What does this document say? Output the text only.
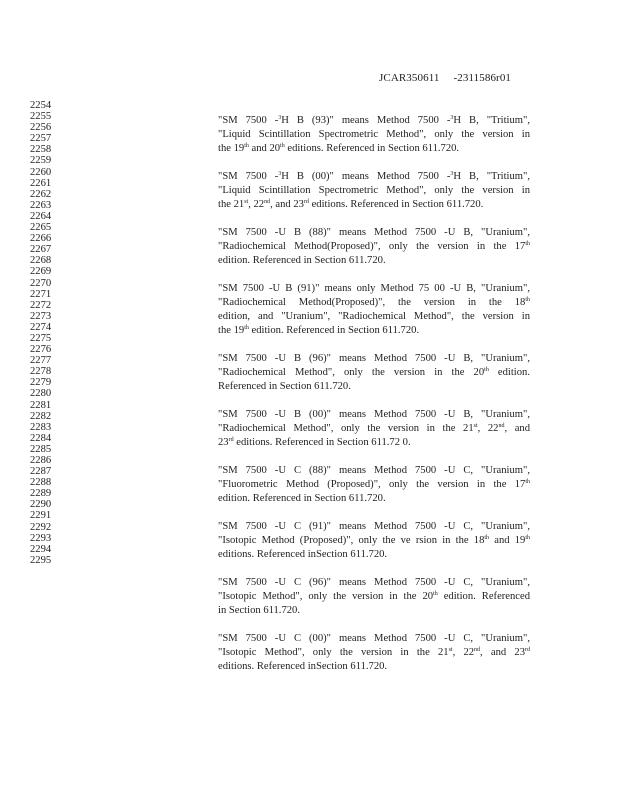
JCAR350611 -2311586r01
2254
2255
2256
2257
2258
2259
2260
2261
2262
2263
2264
2265
2266
2267
2268
2269
2270
2271
2272
2273
2274
2275
2276
2277
2278
2279
2280
2281
2282
2283
2284
2285
2286
2287
2288
2289
2290
2291
2292
2293
2294
2295

"SM 7500 -$^3$H B (93)" means Method 7500 -$^3$H B, "Tritium",

"Liquid Scintillation Spectrometric Method", only the version in

the 19th and 20th editions. Referenced in Section 611.720.

"SM 7500 -$^3$H B (00)" means Method 7500 -$^3$H B, "Tritium",

"Liquid Scintillation Spectrometric Method", only the version in

the 21st, 22nd, and 23rd editions. Referenced in Section 611.720.

"SM 7500 -U B (88)" means Method 7500 -U B, "Uranium",

"Radiochemical Method(Proposed)", only the version in the 17th

edition. Referenced in Section 611.720.

"SM 7500 -U B (91)" means only Method 75 00 -U B, "Uranium",

"Radiochemical Method(Proposed)", the version in the 18th

edition, and "Uranium", "Radiochemical Method", the version in

the 19th edition. Referenced in Section 611.720.

"SM 7500 -U B (96)" means Method 7500 -U B, "Uranium",

"Radiochemical Method", only the version in the 20th edition.

Referenced in Section 611.720.

"SM 7500 -U B (00)" means Method 7500 -U B, "Uranium",

"Radiochemical Method", only the version in the 21st, 22nd, and

23rd editions. Referenced in Section 611.72 0.

"SM 7500 -U C (88)" means Method 7500 -U C, "Uranium",

"Fluorometric Method (Proposed)", only the version in the 17th

edition. Referenced in Section 611.720.

"SM 7500 -U C (91)" means Method 7500 -U C, "Uranium",

"Isotopic Method (Proposed)", only the ve rsion in the 18th and 19th

editions. Referenced inSection 611.720.

"SM 7500 -U C (96)" means Method 7500 -U C, "Uranium",

"Isotopic Method", only the version in the 20th edition. Referenced

in Section 611.720.

"SM 7500 -U C (00)" means Method 7500 -U C, "Uranium",

"Isotopic Method", only the version in the 21st, 22nd, and 23rd

editions. Referenced inSection 611.720.
